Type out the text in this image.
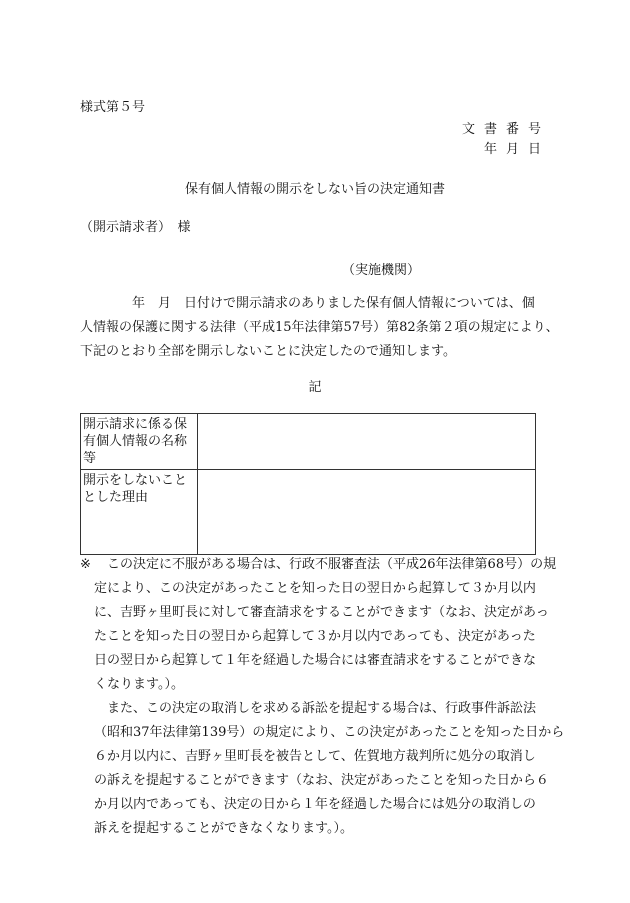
様式第５号
文書番号
年月日
保有個人情報の開示をしない旨の決定通知書
（開示請求者）　様
（実施機関）
年　月　日付けで開示請求のありました保有個人情報については、個
人情報の保護に関する法律（平成15年法律第57号）第82条第２項の規定により、
下記のとおり全部を開示しないことに決定したので通知します。
記
開示請求に係る保有個人情報の名称等	

開示をしないこととした理由	

※　この決定に不服がある場合は、行政不服審査法（平成26年法律第68号）の規
定により、この決定があったことを知った日の翌日から起算して３か月以内
に、吉野ヶ里町長に対して審査請求をすることができます（なお、決定があっ
たことを知った日の翌日から起算して３か月以内であっても、決定があった
日の翌日から起算して１年を経過した場合には審査請求をすることができな
くなります。）。
　また、この決定の取消しを求める訴訟を提起する場合は、行政事件訴訟法
（昭和37年法律第139号）の規定により、この決定があったことを知った日から
６か月以内に、吉野ヶ里町長を被告として、佐賀地方裁判所に処分の取消し
の訴えを提起することができます（なお、決定があったことを知った日から６
か月以内であっても、決定の日から１年を経過した場合には処分の取消しの
訴えを提起することができなくなります。）。
